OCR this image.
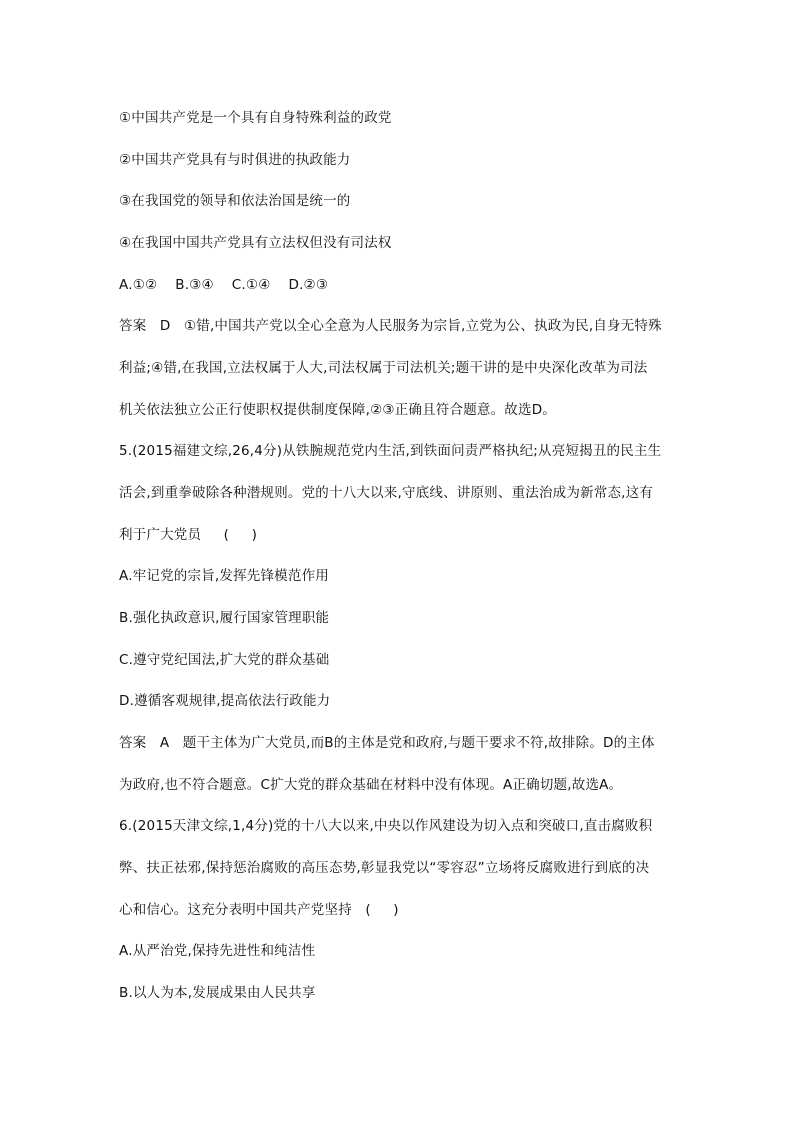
①中国共产党是一个具有自身特殊利益的政党
②中国共产党具有与时俱进的执政能力
③在我国党的领导和依法治国是统一的
④在我国中国共产党具有立法权但没有司法权
A.①②    B.③④    C.①④    D.②③
答案   D   ①错,中国共产党以全心全意为人民服务为宗旨,立党为公、执政为民,自身无特殊
利益;④错,在我国,立法权属于人大,司法权属于司法机关;题干讲的是中央深化改革为司法
机关依法独立公正行使职权提供制度保障,②③正确且符合题意。故选D。
5.(2015福建文综,26,4分)从铁腕规范党内生活,到铁面问责严格执纪;从亮短揭丑的民主生
活会,到重拳破除各种潜规则。党的十八大以来,守底线、讲原则、重法治成为新常态,这有
利于广大党员     (     )
A.牢记党的宗旨,发挥先锋模范作用
B.强化执政意识,履行国家管理职能
C.遵守党纪国法,扩大党的群众基础
D.遵循客观规律,提高依法行政能力
答案   A   题干主体为广大党员,而B的主体是党和政府,与题干要求不符,故排除。D的主体
为政府,也不符合题意。C扩大党的群众基础在材料中没有体现。A正确切题,故选A。
6.(2015天津文综,1,4分)党的十八大以来,中央以作风建设为切入点和突破口,直击腐败积
弊、扶正祛邪,保持惩治腐败的高压态势,彰显我党以“零容忍”立场将反腐败进行到底的决
心和信心。这充分表明中国共产党坚持   (     )
A.从严治党,保持先进性和纯洁性
B.以人为本,发展成果由人民共享
